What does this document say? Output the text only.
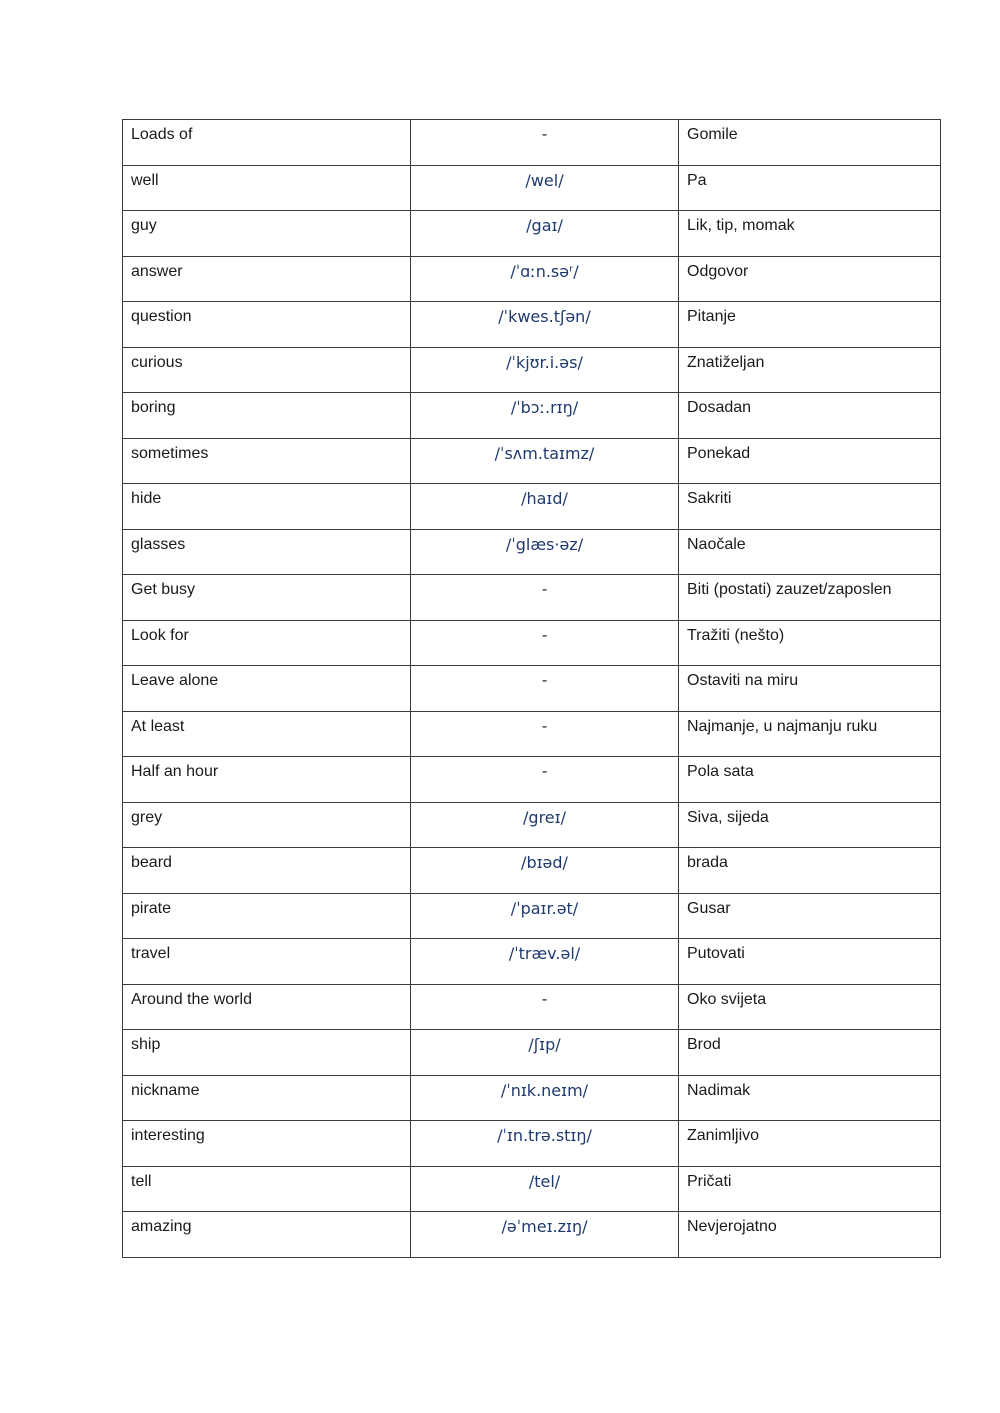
Loads of	-	Gomile
well	/wel/	Pa
guy	/gaɪ/	Lik, tip, momak
answer	/ˈɑːn.səʳ/	Odgovor
question	/ˈkwes.tʃən/	Pitanje
curious	/ˈkjʊr.i.əs/	Znatiželjan
boring	/ˈbɔː.rɪŋ/	Dosadan
sometimes	/ˈsʌm.taɪmz/	Ponekad
hide	/haɪd/	Sakriti
glasses	/ˈglæs·əz/	Naočale
Get busy	-	Biti (postati) zauzet/zaposlen
Look for	-	Tražiti (nešto)
Leave alone	-	Ostaviti na miru
At least	-	Najmanje, u najmanju ruku
Half an hour	-	Pola sata
grey	/greɪ/	Siva, sijeda
beard	/bɪəd/	brada
pirate	/ˈpaɪr.ət/	Gusar
travel	/ˈtræv.əl/	Putovati
Around the world	-	Oko svijeta
ship	/ʃɪp/	Brod
nickname	/ˈnɪk.neɪm/	Nadimak
interesting	/ˈɪn.trə.stɪŋ/	Zanimljivo
tell	/tel/	Pričati
amazing	/əˈmeɪ.zɪŋ/	Nevjerojatno
